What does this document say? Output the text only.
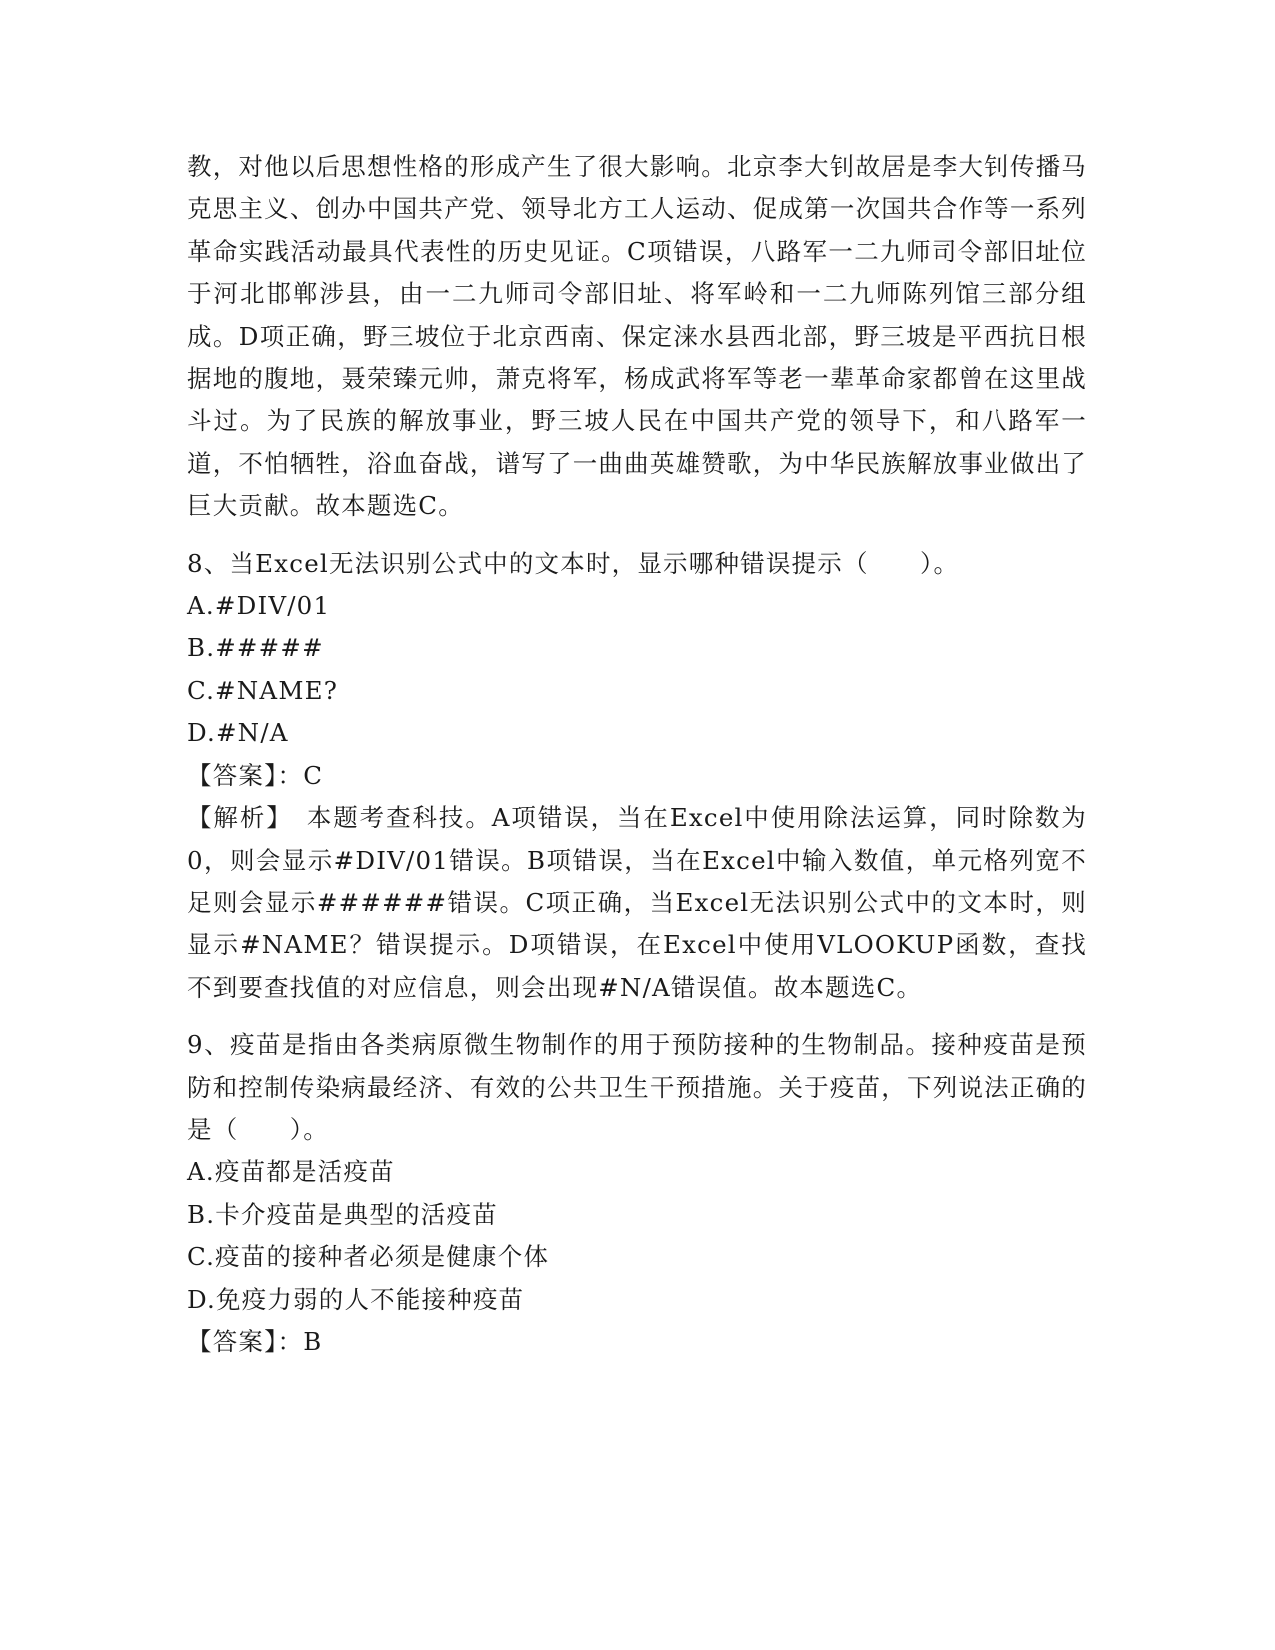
教，对他以后思想性格的形成产生了很大影响。北京李大钊故居是李大钊传播马克思主义、创办中国共产党、领导北方工人运动、促成第一次国共合作等一系列革命实践活动最具代表性的历史见证。C项错误，八路军一二九师司令部旧址位于河北邯郸涉县，由一二九师司令部旧址、将军岭和一二九师陈列馆三部分组成。D项正确，野三坡位于北京西南、保定涞水县西北部，野三坡是平西抗日根据地的腹地，聂荣臻元帅，萧克将军，杨成武将军等老一辈革命家都曾在这里战斗过。为了民族的解放事业，野三坡人民在中国共产党的领导下，和八路军一道，不怕牺牲，浴血奋战，谱写了一曲曲英雄赞歌，为中华民族解放事业做出了巨大贡献。故本题选C。

8、当Excel无法识别公式中的文本时，显示哪种错误提示（　　）。

A.#DIV/01

B.#####

C.#NAME?

D.#N/A

【答案】：C

【解析】　本题考查科技。A项错误，当在Excel中使用除法运算，同时除数为0，则会显示#DIV/01错误。B项错误，当在Excel中输入数值，单元格列宽不足则会显示######错误。C项正确，当Excel无法识别公式中的文本时，则显示#NAME？错误提示。D项错误，在Excel中使用VLOOKUP函数，查找不到要查找值的对应信息，则会出现#N/A错误值。故本题选C。

9、疫苗是指由各类病原微生物制作的用于预防接种的生物制品。接种疫苗是预防和控制传染病最经济、有效的公共卫生干预措施。关于疫苗，下列说法正确的是（　　）。

A.疫苗都是活疫苗

B.卡介疫苗是典型的活疫苗

C.疫苗的接种者必须是健康个体

D.免疫力弱的人不能接种疫苗

【答案】：B
